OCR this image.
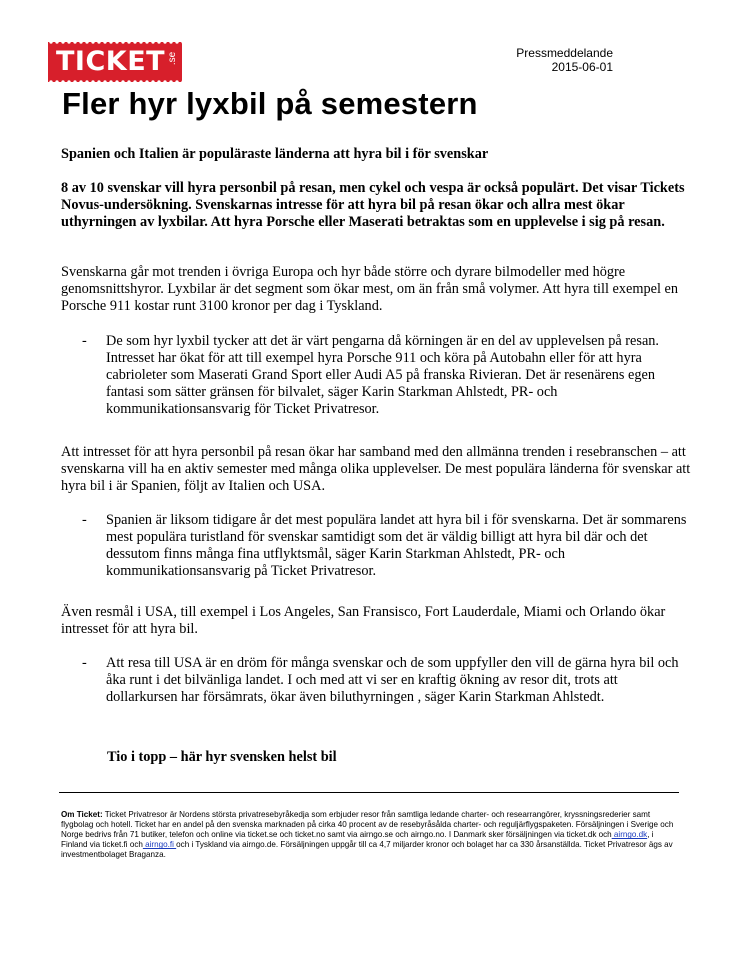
TICKET .se	Pressmeddelande
2015-06-01
Fler hyr lyxbil på semestern

Spanien och Italien är populäraste länderna att hyra bil i för svenskar

8 av 10 svenskar vill hyra personbil på resan, men cykel och vespa är också populärt. Det visar Tickets Novus-undersökning. Svenskarnas intresse för att hyra bil på resan ökar och allra mest ökar uthyrningen av lyxbilar. Att hyra Porsche eller Maserati betraktas som en upplevelse i sig på resan.

Svenskarna går mot trenden i övriga Europa och hyr både större och dyrare bilmodeller med högre genomsnittshyror. Lyxbilar är det segment som ökar mest, om än från små volymer. Att hyra till exempel en Porsche 911 kostar runt 3100 kronor per dag i Tyskland.

- De som hyr lyxbil tycker att det är värt pengarna då körningen är en del av upplevelsen på resan. Intresset har ökat för att till exempel hyra Porsche 911 och köra på Autobahn eller för att hyra cabrioleter som Maserati Grand Sport eller Audi A5 på franska Rivieran. Det är resenärens egen fantasi som sätter gränsen för bilvalet, säger Karin Starkman Ahlstedt, PR- och kommunikationsansvarig för Ticket Privatresor.

Att intresset för att hyra personbil på resan ökar har samband med den allmänna trenden i resebranschen – att svenskarna vill ha en aktiv semester med många olika upplevelser. De mest populära länderna för svenskar att hyra bil i är Spanien, följt av Italien och USA.

- Spanien är liksom tidigare år det mest populära landet att hyra bil i för svenskarna. Det är sommarens mest populära turistland för svenskar samtidigt som det är väldig billigt att hyra bil där och det dessutom finns många fina utflyktsmål, säger Karin Starkman Ahlstedt, PR- och kommunikationsansvarig på Ticket Privatresor.

Även resmål i USA, till exempel i Los Angeles, San Fransisco, Fort Lauderdale, Miami och Orlando ökar intresset för att hyra bil.

- Att resa till USA är en dröm för många svenskar och de som uppfyller den vill de gärna hyra bil och åka runt i det bilvänliga landet. I och med att vi ser en kraftig ökning av resor dit, trots att dollarkursen har försämrats, ökar även biluthyrningen , säger Karin Starkman Ahlstedt.

Tio i topp – här hyr svensken helst bil

Om Ticket: Ticket Privatresor är Nordens största privatresebyråkedja som erbjuder resor från samtliga ledande charter- och researrangörer, kryssningsrederier samt flygbolag och hotell. Ticket har en andel på den svenska marknaden på cirka 40 procent av de resebyråsålda charter- och reguljärflygspaketen. Försäljningen i Sverige och Norge bedrivs från 71 butiker, telefon och online via ticket.se och ticket.no samt via airngo.se och airngo.no. I Danmark sker försäljningen via ticket.dk och airngo.dk, i Finland via ticket.fi och airngo.fi och i Tyskland via airngo.de. Försäljningen uppgår till ca 4,7 miljarder kronor och bolaget har ca 330 årsanställda. Ticket Privatresor ägs av investmentbolaget Braganza.
